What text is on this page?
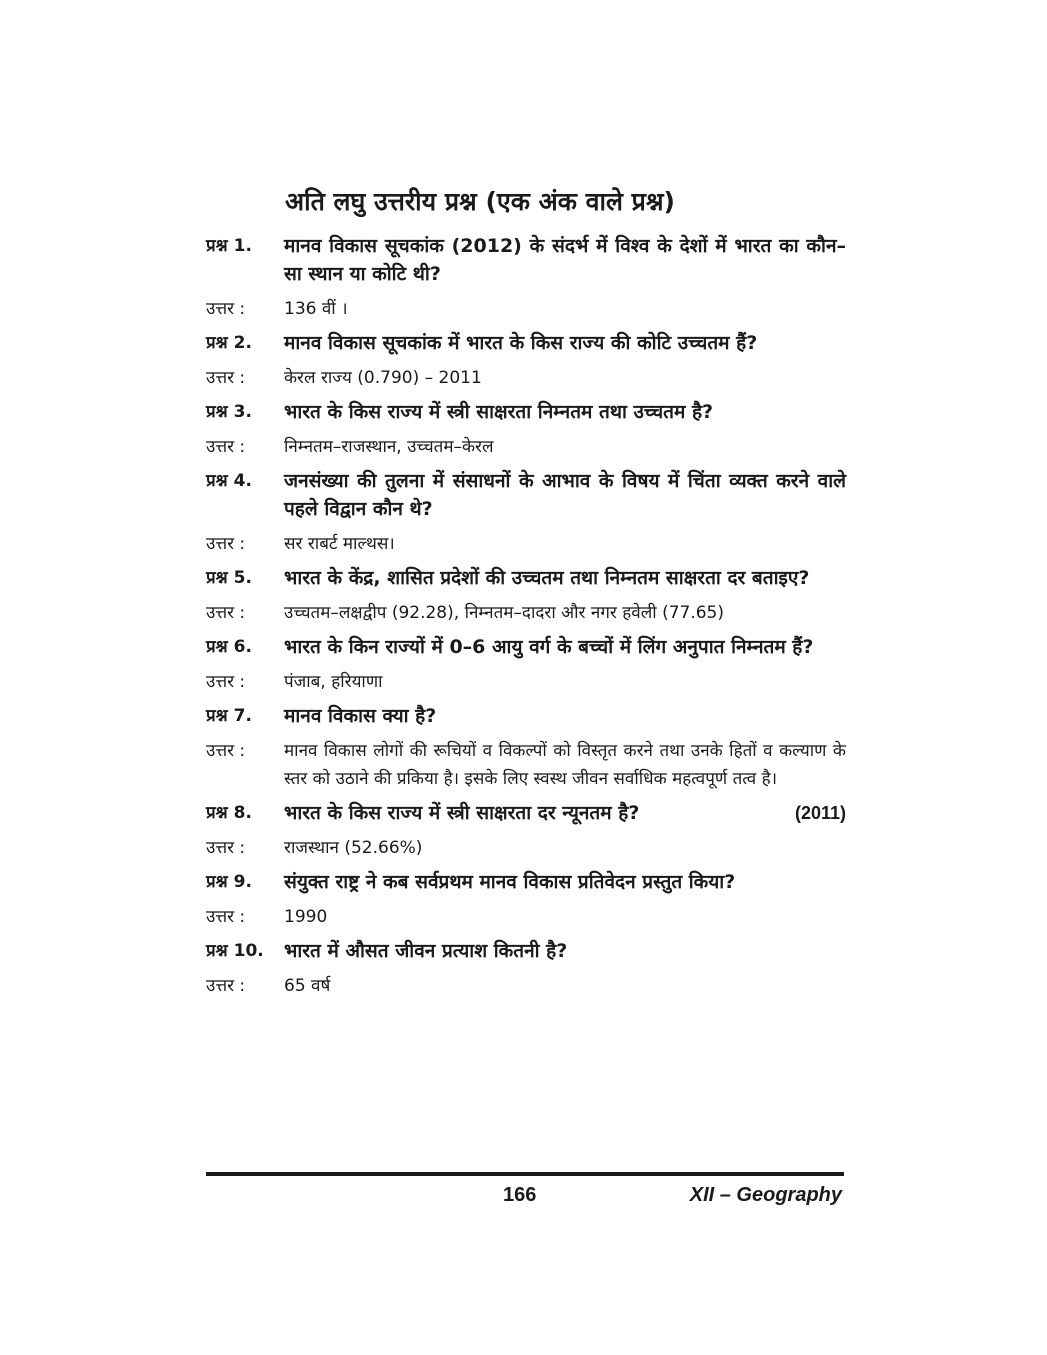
अति लघु उत्तरीय प्रश्न (एक अंक वाले प्रश्न)
प्रश्न 1.	मानव विकास सूचकांक (2012) के संदर्भ में विश्व के देशों में भारत का कौन–सा स्थान या कोटि थी?
उत्तर :	136 वीं ।
प्रश्न 2.	मानव विकास सूचकांक में भारत के किस राज्य की कोटि उच्चतम हैं?
उत्तर :	केरल राज्य (0.790) – 2011
प्रश्न 3.	भारत के किस राज्य में स्त्री साक्षरता निम्नतम तथा उच्चतम है?
उत्तर :	निम्नतम–राजस्थान, उच्चतम–केरल
प्रश्न 4.	जनसंख्या की तुलना में संसाधनों के आभाव के विषय में चिंता व्यक्त करने वाले पहले विद्वान कौन थे?
उत्तर :	सर राबर्ट माल्थस।
प्रश्न 5.	भारत के केंद्र, शासित प्रदेशों की उच्चतम तथा निम्नतम साक्षरता दर बताइए?
उत्तर :	उच्चतम–लक्षद्वीप (92.28), निम्नतम–दादरा और नगर हवेली (77.65)
प्रश्न 6.	भारत के किन राज्यों में 0–6 आयु वर्ग के बच्चों में लिंग अनुपात निम्नतम हैं?
उत्तर :	पंजाब, हरियाणा
प्रश्न 7.	मानव विकास क्या है?
उत्तर :	मानव विकास लोगों की रूचियों व विकल्पों को विस्तृत करने तथा उनके हितों व कल्याण के स्तर को उठाने की प्रकिया है। इसके लिए स्वस्थ जीवन सर्वाधिक महत्वपूर्ण तत्व है।
प्रश्न 8.	भारत के किस राज्य में स्त्री साक्षरता दर न्यूनतम है?	(2011)
उत्तर :	राजस्थान (52.66%)
प्रश्न 9.	संयुक्त राष्ट्र ने कब सर्वप्रथम मानव विकास प्रतिवेदन प्रस्तुत किया?
उत्तर :	1990
प्रश्न 10.	भारत में औसत जीवन प्रत्याश कितनी है?
उत्तर :	65 वर्ष
166	XII – Geography
